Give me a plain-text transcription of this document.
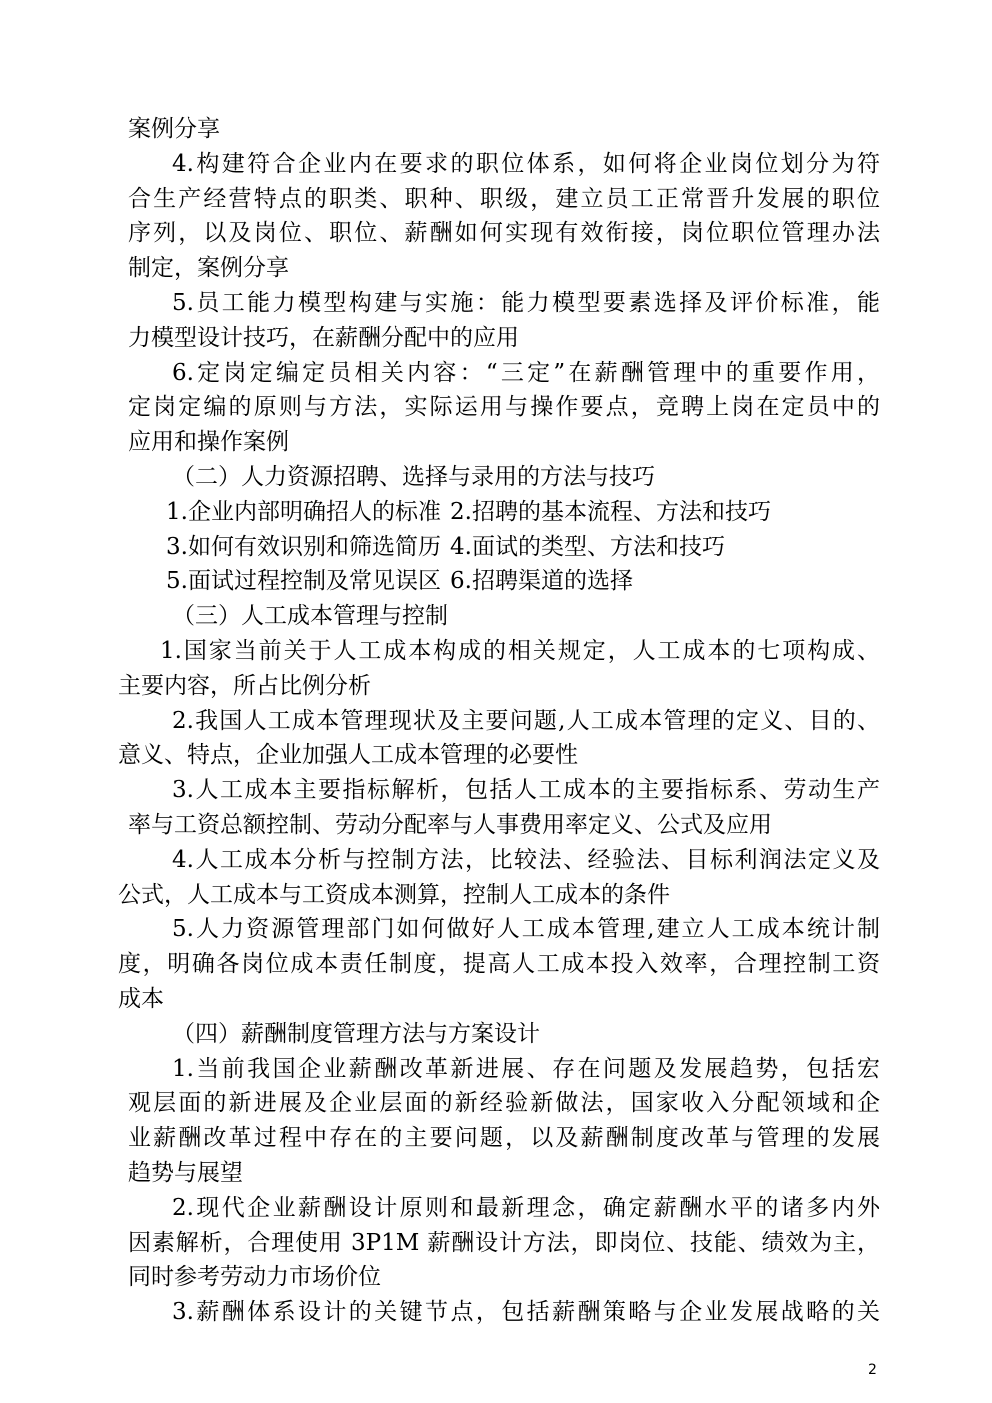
案例分享
4.构建符合企业内在要求的职位体系，如何将企业岗位划分为符
合生产经营特点的职类、职种、职级，建立员工正常晋升发展的职位
序列，以及岗位、职位、薪酬如何实现有效衔接，岗位职位管理办法
制定，案例分享
5.员工能力模型构建与实施：能力模型要素选择及评价标准，能
力模型设计技巧，在薪酬分配中的应用
6.定岗定编定员相关内容：“三定”在薪酬管理中的重要作用，
定岗定编的原则与方法，实际运用与操作要点，竞聘上岗在定员中的
应用和操作案例
（二）人力资源招聘、选择与录用的方法与技巧
1.企业内部明确招人的标准 2.招聘的基本流程、方法和技巧
3.如何有效识别和筛选简历 4.面试的类型、方法和技巧
5.面试过程控制及常见误区 6.招聘渠道的选择
（三）人工成本管理与控制
1.国家当前关于人工成本构成的相关规定，人工成本的七项构成、
主要内容，所占比例分析
2.我国人工成本管理现状及主要问题,人工成本管理的定义、目的、
意义、特点，企业加强人工成本管理的必要性
3.人工成本主要指标解析，包括人工成本的主要指标系、劳动生产
率与工资总额控制、劳动分配率与人事费用率定义、公式及应用
4.人工成本分析与控制方法，比较法、经验法、目标利润法定义及
公式，人工成本与工资成本测算，控制人工成本的条件
5.人力资源管理部门如何做好人工成本管理,建立人工成本统计制
度，明确各岗位成本责任制度，提高人工成本投入效率，合理控制工资
成本
（四）薪酬制度管理方法与方案设计
1.当前我国企业薪酬改革新进展、存在问题及发展趋势，包括宏
观层面的新进展及企业层面的新经验新做法，国家收入分配领域和企
业薪酬改革过程中存在的主要问题，以及薪酬制度改革与管理的发展
趋势与展望
2.现代企业薪酬设计原则和最新理念，确定薪酬水平的诸多内外
因素解析，合理使用 3P1M 薪酬设计方法，即岗位、技能、绩效为主，
同时参考劳动力市场价位
3.薪酬体系设计的关键节点，包括薪酬策略与企业发展战略的关
2
